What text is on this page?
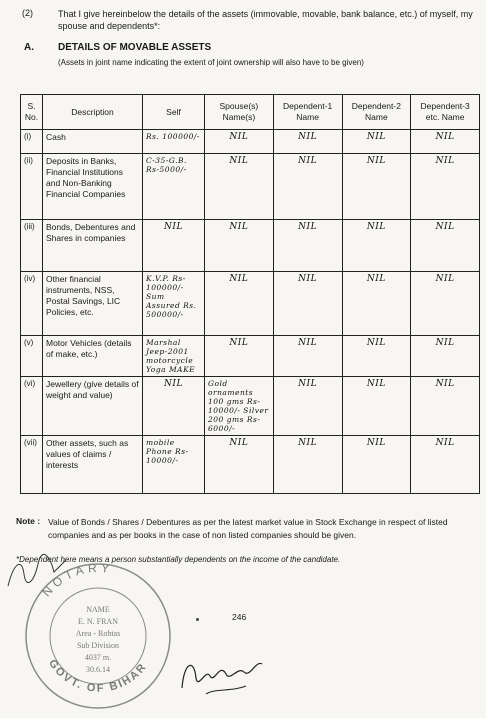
(2)	That I give hereinbelow the details of the assets (immovable, movable, bank balance, etc.) of myself, my spouse and dependents*:
A. DETAILS OF MOVABLE ASSETS
(Assets in joint name indicating the extent of joint ownership will also have to be given)
S. No.	Description	Self	Spouse(s) Name(s)	Dependent-1 Name	Dependent-2 Name	Dependent-3 etc. Name
(i)	Cash	Rs. 100000/-	NIL	NIL	NIL	NIL
(ii)	Deposits in Banks, Financial Institutions and Non-Banking Financial Companies	C-35-G.B. Rs-5000/-	NIL	NIL	NIL	NIL
(iii)	Bonds, Debentures and Shares in companies	NIL	NIL	NIL	NIL	NIL
(iv)	Other financial instruments, NSS, Postal Savings, LIC Policies, etc.	K.V.P. Rs-100000/- Sum Assured Rs. 500000/-	NIL	NIL	NIL	NIL
(v)	Motor Vehicles (details of make, etc.)	Marshal Jeep-2001 motorcycle Yoga MAKE	NIL	NIL	NIL	NIL
(vi)	Jewellery (give details of weight and value)	NIL	Gold ornaments 100 gms Rs-10000/- Silver 200 gms Rs-6000/-	NIL	NIL	NIL
(vii)	Other assets, such as values of claims / interests	mobile Phone Rs-10000/-	NIL	NIL	NIL	NIL
Note : Value of Bonds / Shares / Debentures as per the latest market value in Stock Exchange in respect of listed companies and as per books in the case of non listed companies should be given.
*Dependent here means a person substantially dependents on the income of the candidate.
246
NOTARY
GOVT. OF BIHAR
NAME
E. N. FRAN
Area - Rohtas
Sub Division
4037 m.
30.6.14
